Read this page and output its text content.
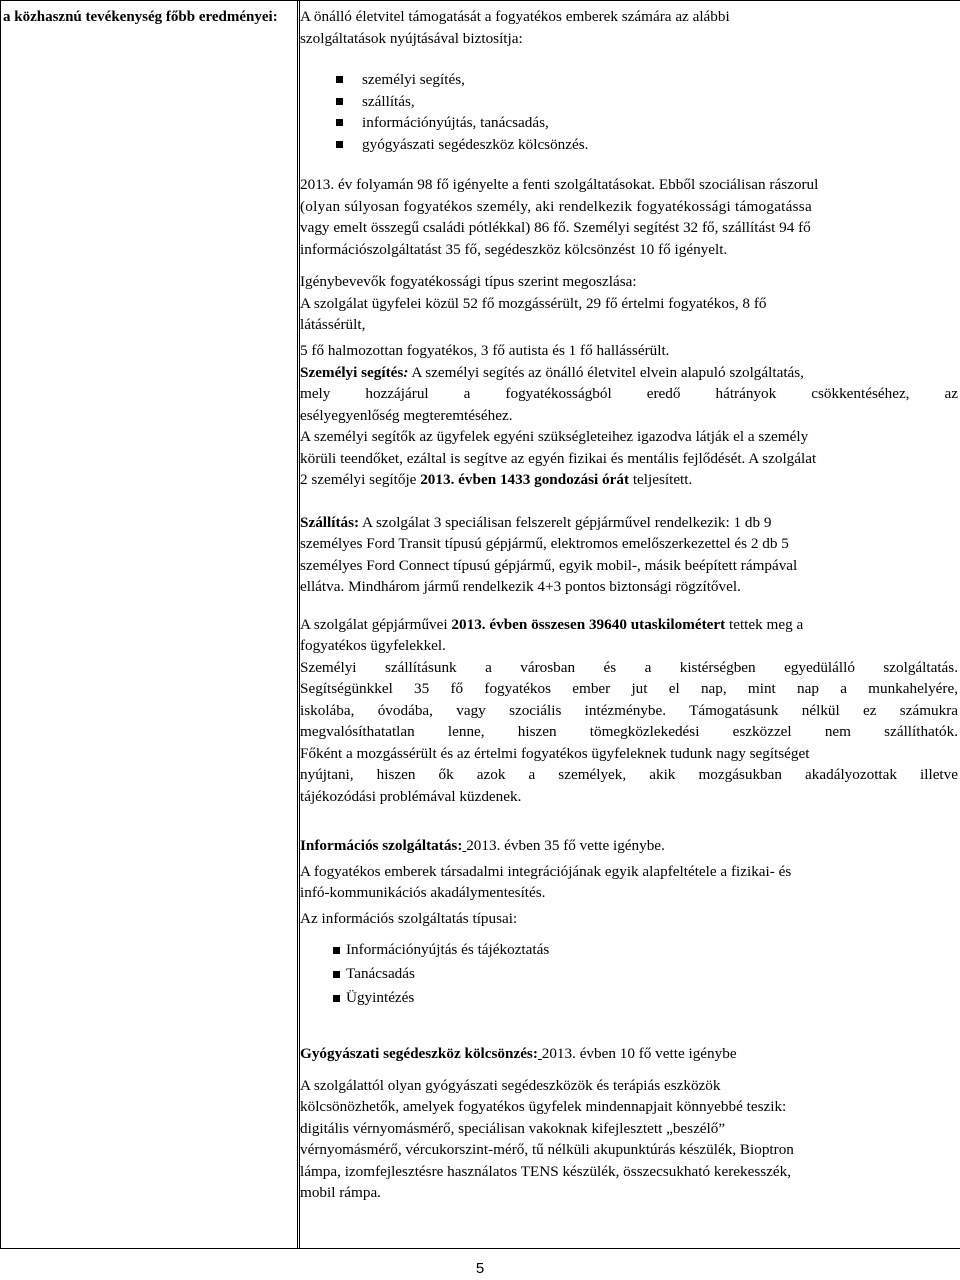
a közhasznú tevékenység főbb eredményei:	A önálló életvitel támogatását a fogyatékos emberek számára az alábbi
szolgáltatások nyújtásával biztosítja:
személyi segítés,
szállítás,
információnyújtás, tanácsadás,
gyógyászati segédeszköz kölcsönzés.
2013. év folyamán 98 fő igényelte a fenti szolgáltatásokat. Ebből szociálisan rászorul
(olyan súlyosan fogyatékos személy, aki rendelkezik fogyatékossági támogatássa
vagy emelt összegű családi pótlékkal) 86 fő. Személyi segítést 32 fő, szállítást 94 fő
információszolgáltatást 35 fő, segédeszköz kölcsönzést 10 fő igényelt.
Igénybevevők fogyatékossági típus szerint megoszlása:
A szolgálat ügyfelei közül 52 fő mozgássérült, 29 fő értelmi fogyatékos, 8 fő
látássérült,
5 fő halmozottan fogyatékos, 3 fő autista és 1 fő hallássérült.
Személyi segítés: A személyi segítés az önálló életvitel elvein alapuló szolgáltatás,
mely hozzájárul a fogyatékosságból eredő hátrányok csökkentéséhez, az
esélyegyenlőség megteremtéséhez.
A személyi segítők az ügyfelek egyéni szükségleteihez igazodva látják el a személy
körüli teendőket, ezáltal is segítve az egyén fizikai és mentális fejlődését. A szolgálat
2 személyi segítője 2013. évben 1433 gondozási órát teljesített.
Szállítás: A szolgálat 3 speciálisan felszerelt gépjárművel rendelkezik: 1 db 9
személyes Ford Transit típusú gépjármű, elektromos emelőszerkezettel és 2 db 5
személyes Ford Connect típusú gépjármű, egyik mobil-, másik beépített rámpával
ellátva. Mindhárom jármű rendelkezik 4+3 pontos biztonsági rögzítővel.
A szolgálat gépjárművei 2013. évben összesen 39640 utaskilométert tettek meg a
fogyatékos ügyfelekkel.
Személyi szállításunk a városban és a kistérségben egyedülálló szolgáltatás.
Segítségünkkel 35 fő fogyatékos ember jut el nap, mint nap a munkahelyére,
iskolába, óvodába, vagy szociális intézménybe. Támogatásunk nélkül ez számukra
megvalósíthatatlan lenne, hiszen tömegközlekedési eszközzel nem szállíthatók.
Főként a mozgássérült és az értelmi fogyatékos ügyfeleknek tudunk nagy segítséget
nyújtani, hiszen ők azok a személyek, akik mozgásukban akadályozottak illetve
tájékozódási problémával küzdenek.
Információs szolgáltatás: 2013. évben 35 fő vette igénybe.
A fogyatékos emberek társadalmi integrációjának egyik alapfeltétele a fizikai- és
infó-kommunikációs akadálymentesítés.
Az információs szolgáltatás típusai:
Információnyújtás és tájékoztatás
Tanácsadás
Ügyintézés
Gyógyászati segédeszköz kölcsönzés: 2013. évben 10 fő vette igénybe
A szolgálattól olyan gyógyászati segédeszközök és terápiás eszközök
kölcsönözhetők, amelyek fogyatékos ügyfelek mindennapjait könnyebbé teszik:
digitális vérnyomásmérő, speciálisan vakoknak kifejlesztett „beszélő”
vérnyomásmérő, vércukorszint-mérő, tű nélküli akupunktúrás készülék, Bioptron
lámpa, izomfejlesztésre használatos TENS készülék, összecsukható kerekesszék,
mobil rámpa.
5
